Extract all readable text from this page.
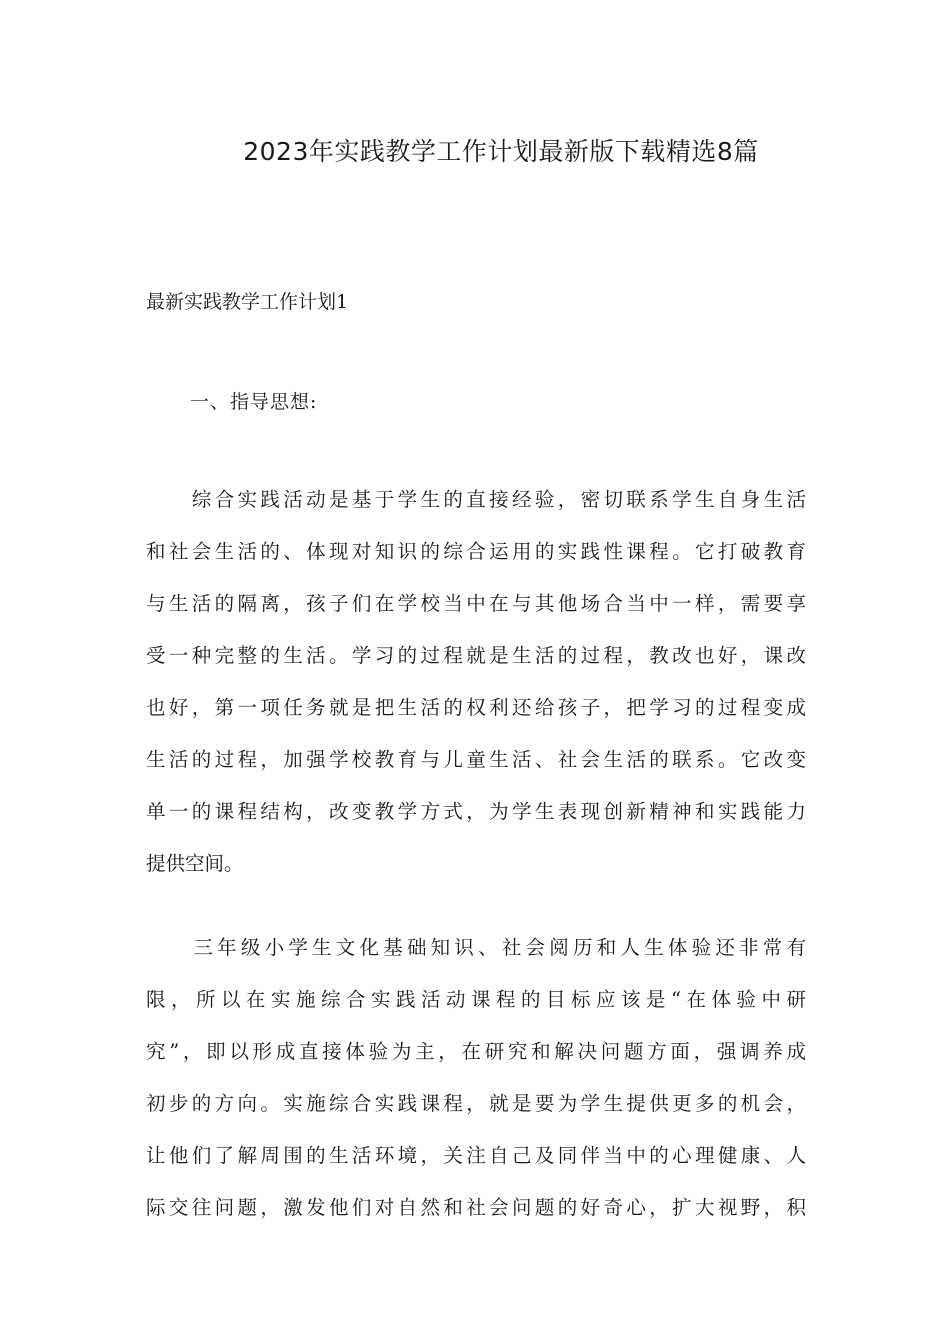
2023年实践教学工作计划最新版下载精选8篇
最新实践教学工作计划1
一、指导思想:
　　综合实践活动是基于学生的直接经验，密切联系学生自身生活
和社会生活的、体现对知识的综合运用的实践性课程。它打破教育
与生活的隔离，孩子们在学校当中在与其他场合当中一样，需要享
受一种完整的生活。学习的过程就是生活的过程，教改也好，课改
也好，第一项任务就是把生活的权利还给孩子，把学习的过程变成
生活的过程，加强学校教育与儿童生活、社会生活的联系。它改变
单一的课程结构，改变教学方式，为学生表现创新精神和实践能力
提供空间。
　　三年级小学生文化基础知识、社会阅历和人生体验还非常有
限，所以在实施综合实践活动课程的目标应该是“在体验中研
究”，即以形成直接体验为主，在研究和解决问题方面，强调养成
初步的方向。实施综合实践课程，就是要为学生提供更多的机会，
让他们了解周围的生活环境，关注自己及同伴当中的心理健康、人
际交往问题，激发他们对自然和社会问题的好奇心，扩大视野，积
